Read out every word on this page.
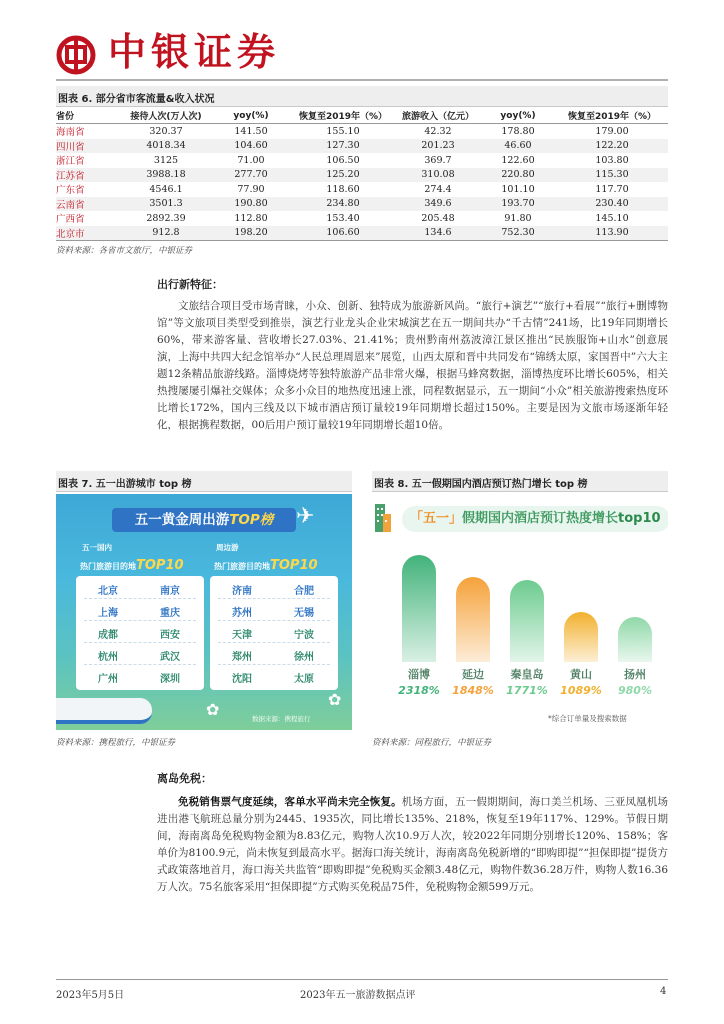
中银证券
图表 6. 部分省市客流量&收入状况
省份	接待人次(万人次)	yoy(%)	恢复至2019年（%）	旅游收入（亿元）	yoy(%)	恢复至2019年（%）
海南省	320.37	141.50	155.10	42.32	178.80	179.00
四川省	4018.34	104.60	127.30	201.23	46.60	122.20
浙江省	3125	71.00	106.50	369.7	122.60	103.80
江苏省	3988.18	277.70	125.20	310.08	220.80	115.30
广东省	4546.1	77.90	118.60	274.4	101.10	117.70
云南省	3501.3	190.80	234.80	349.6	193.70	230.40
广西省	2892.39	112.80	153.40	205.48	91.80	145.10
北京市	912.8	198.20	106.60	134.6	752.30	113.90
资料来源：各省市文旅厅，中银证券
出行新特征：
文旅结合项目受市场青睐，小众、创新、独特成为旅游新风尚。“旅行+演艺”“旅行+看展”“旅行+删博物馆”等文旅项目类型受到推崇，演艺行业龙头企业宋城演艺在五一期间共办“千古情”241场，比19年同期增长60%，带来游客量、营收增长27.03%、21.41%；贵州黔南州荔波漳江景区推出“民族服饰+山水”创意展演，上海中共四大纪念馆举办“人民总理周恩来”展览，山西太原和晋中共同发布“锦绣太原，家国晋中”六大主题12条精品旅游线路。淄博烧烤等独特旅游产品非常火爆，根据马蜂窝数据，淄博热度环比增长605%，相关热搜屡屡引爆社交媒体；众多小众目的地热度迅速上涨，同程数据显示，五一期间“小众”相关旅游搜索热度环比增长172%，国内三线及以下城市酒店预订量较19年同期增长超过150%。主要是因为文旅市场逐渐年轻化，根据携程数据，00后用户预订量较19年同期增长超10倍。
图表 7. 五一出游城市 top 榜
五一黄金周出游TOP榜	✈
五一国内
热门旅游目的地TOP10
北京	南京
上海	重庆
成都	西安
杭州	武汉
广州	深圳
周边游
热门旅游目的地TOP10
济南	合肥
苏州	无锡
天津	宁波
郑州	徐州
沈阳	太原
✿
✿
数据来源：携程旅行
资料来源：携程旅行，中银证券
图表 8. 五一假期国内酒店预订热门增长 top 榜
「五一」假期国内酒店预订热度增长top10
淄博
2318%
延边
1848%
秦皇岛
1771%
黄山
1089%
扬州
980%
*综合订单量及搜索数据
资料来源：同程旅行，中银证券
离岛免税：
免税销售票气度延续，客单水平尚未完全恢复。机场方面，五一假期期间，海口美兰机场、三亚凤凰机场进出港飞航班总量分别为2445、1935次，同比增长135%、218%，恢复至19年117%、129%。节假日期间，海南离岛免税购物金额为8.83亿元，购物人次10.9万人次，较2022年同期分别增长120%、158%；客单价为8100.9元，尚未恢复到最高水平。据海口海关统计，海南离岛免税新增的“即购即提”“担保即提”提货方式政策落地首月，海口海关共监管“即购即提”免税购买金额3.48亿元，购物件数36.28万件，购物人数16.36万人次。75名旅客采用“担保即提”方式购买免税品75件，免税购物金额599万元。
2023年5月5日	2023年五一旅游数据点评	4
